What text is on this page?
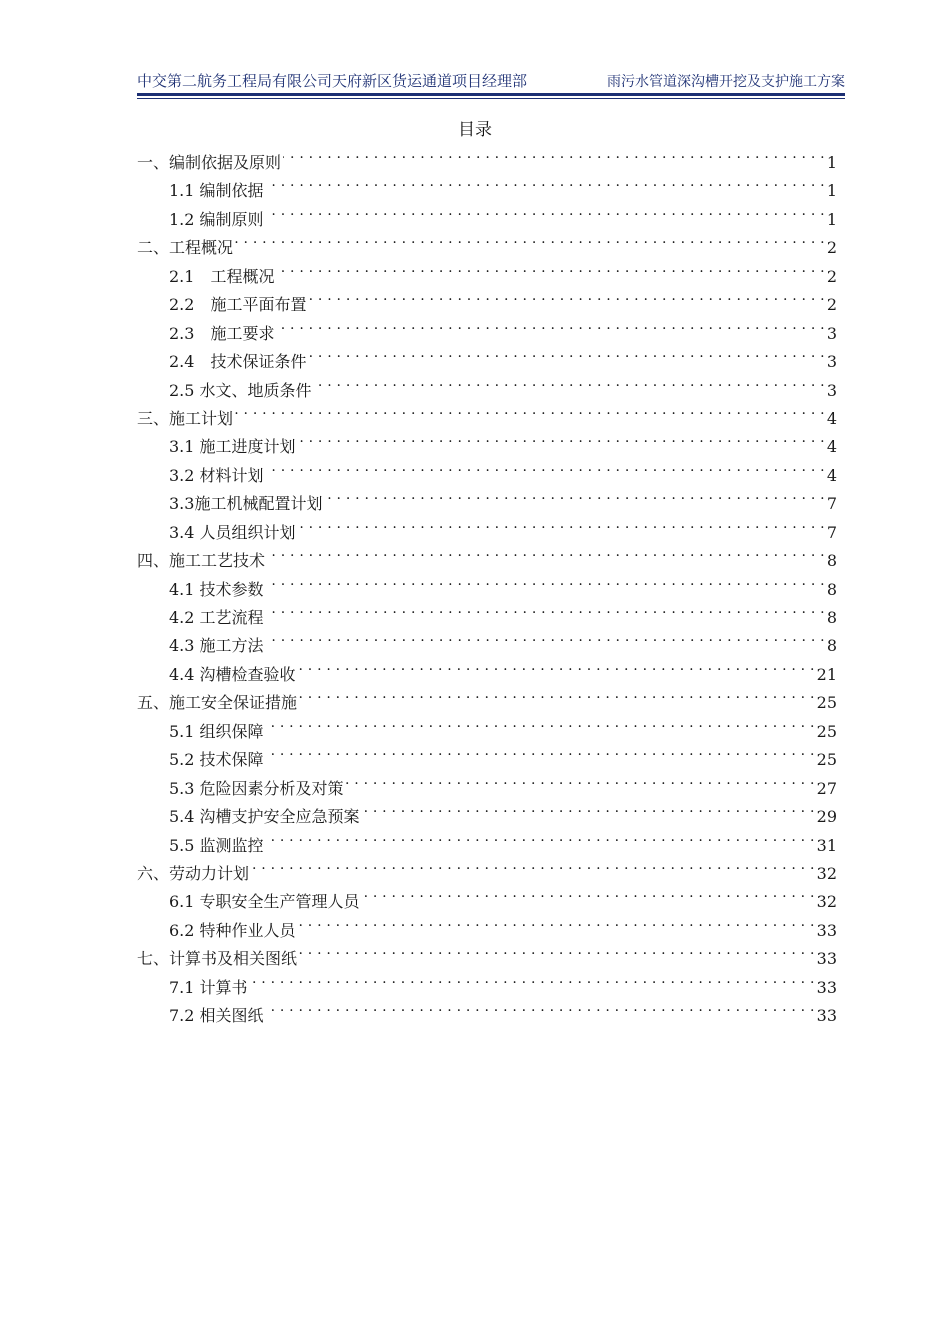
中交第二航务工程局有限公司天府新区货运通道项目经理部	雨污水管道深沟槽开挖及支护施工方案
目录
一、编制依据及原则 . . .	1
1.1 编制依据 . . .	1
1.2 编制原则 . . .	1
二、工程概况 . . .	2
2.1　工程概况 . . .	2
2.2　施工平面布置 . . .	2
2.3　施工要求 . . .	3
2.4　技术保证条件 . . .	3
2.5 水文、地质条件 . . .	3
三、施工计划 . . .	4
3.1 施工进度计划 . . .	4
3.2 材料计划 . . .	4
3.3施工机械配置计划 . . .	7
3.4 人员组织计划 . . .	7
四、施工工艺技术 . . .	8
4.1 技术参数 . . .	8
4.2 工艺流程 . . .	8
4.3 施工方法 . . .	8
4.4 沟槽检查验收 . . .	21
五、施工安全保证措施 . . .	25
5.1 组织保障 . . .	25
5.2 技术保障 . . .	25
5.3 危险因素分析及对策 . . .	27
5.4 沟槽支护安全应急预案 . . .	29
5.5 监测监控 . . .	31
六、劳动力计划 . . .	32
6.1 专职安全生产管理人员 . . .	32
6.2 特种作业人员 . . .	33
七、计算书及相关图纸 . . .	33
7.1 计算书 . . .	33
7.2 相关图纸 . . .	33
